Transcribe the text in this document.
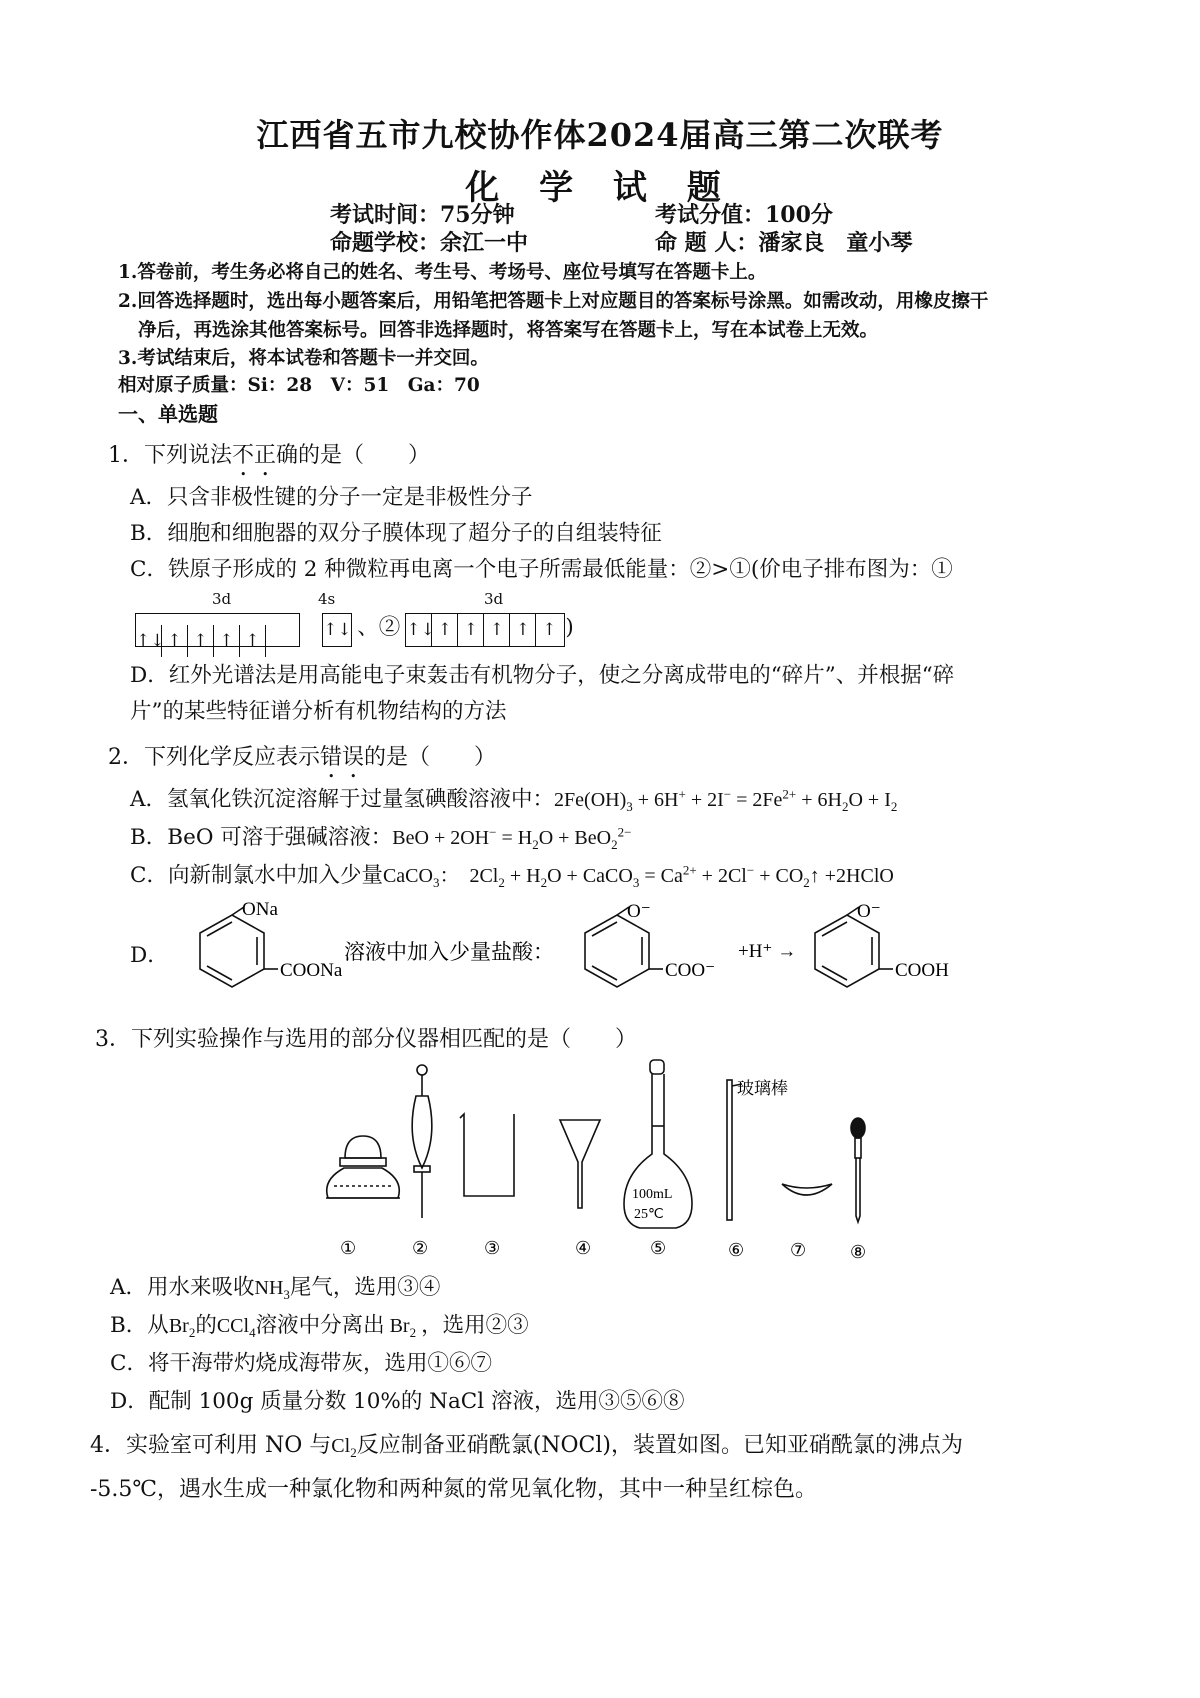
江西省五市九校协作体2024届高三第二次联考
化 学 试 题
考试时间：75分钟	考试分值：100分
命题学校：余江一中	命 题 人：潘家良　童小琴
1.答卷前，考生务必将自己的姓名、考生号、考场号、座位号填写在答题卡上。
2.回答选择题时，选出每小题答案后，用铅笔把答题卡上对应题目的答案标号涂黑。如需改动，用橡皮擦干
净后，再选涂其他答案标号。回答非选择题时，将答案写在答题卡上，写在本试卷上无效。
3.考试结束后，将本试卷和答题卡一并交回。
相对原子质量：Si：28　V：51　Ga：70
一、单选题
1．下列说法不正确的是（　　）
A．只含非极性键的分子一定是非极性分子
B．细胞和细胞器的双分子膜体现了超分子的自组装特征
C．铁原子形成的 2 种微粒再电离一个电子所需最低能量：②>①(价电子排布图为：①
3d	4s	3d
↑↓ ↑ ↑ ↑ ↑  ↑↓ 、② ↑↓ ↑ ↑ ↑ ↑ ↑ )
D．红外光谱法是用高能电子束轰击有机物分子，使之分离成带电的“碎片”、并根据“碎
片”的某些特征谱分析有机物结构的方法
2．下列化学反应表示错误的是（　　）
A．氢氧化铁沉淀溶解于过量氢碘酸溶液中：$2Fe(OH)_3 + 6H^+ + 2I^- = 2Fe^{2+} + 6H_2O + I_2$
B．BeO 可溶于强碱溶液：BeO + $2OH^- = H_2O + BeO_2^{2-}$
C．向新制氯水中加入少量CaCO$_3$：　$2Cl_2 + H_2O$ + CaCO$_3$ = $Ca^{2+} + 2Cl^-$ + $CO_2↑$ +2HClO
D．
ONa
COONa
溶液中加入少量盐酸：
O⁻
COO⁻
+H⁺ →
O⁻
COOH
3．下列实验操作与选用的部分仪器相匹配的是（　　）
玻璃棒
100mL
25℃
①	②	③	④	⑤	⑥	⑦ ⑧
A．用水来吸收$NH_3$尾气，选用③④
B．从$Br_2$的CCl$_4$溶液中分离出 $Br_2$ ，选用②③
C．将干海带灼烧成海带灰，选用①⑥⑦
D．配制 100g 质量分数 10%的 NaCl 溶液，选用③⑤⑥⑧
4．实验室可利用 NO 与$Cl_2$反应制备亚硝酰氯(NOCl)，装置如图。已知亚硝酰氯的沸点为
-5.5℃，遇水生成一种氯化物和两种氮的常见氧化物，其中一种呈红棕色。
